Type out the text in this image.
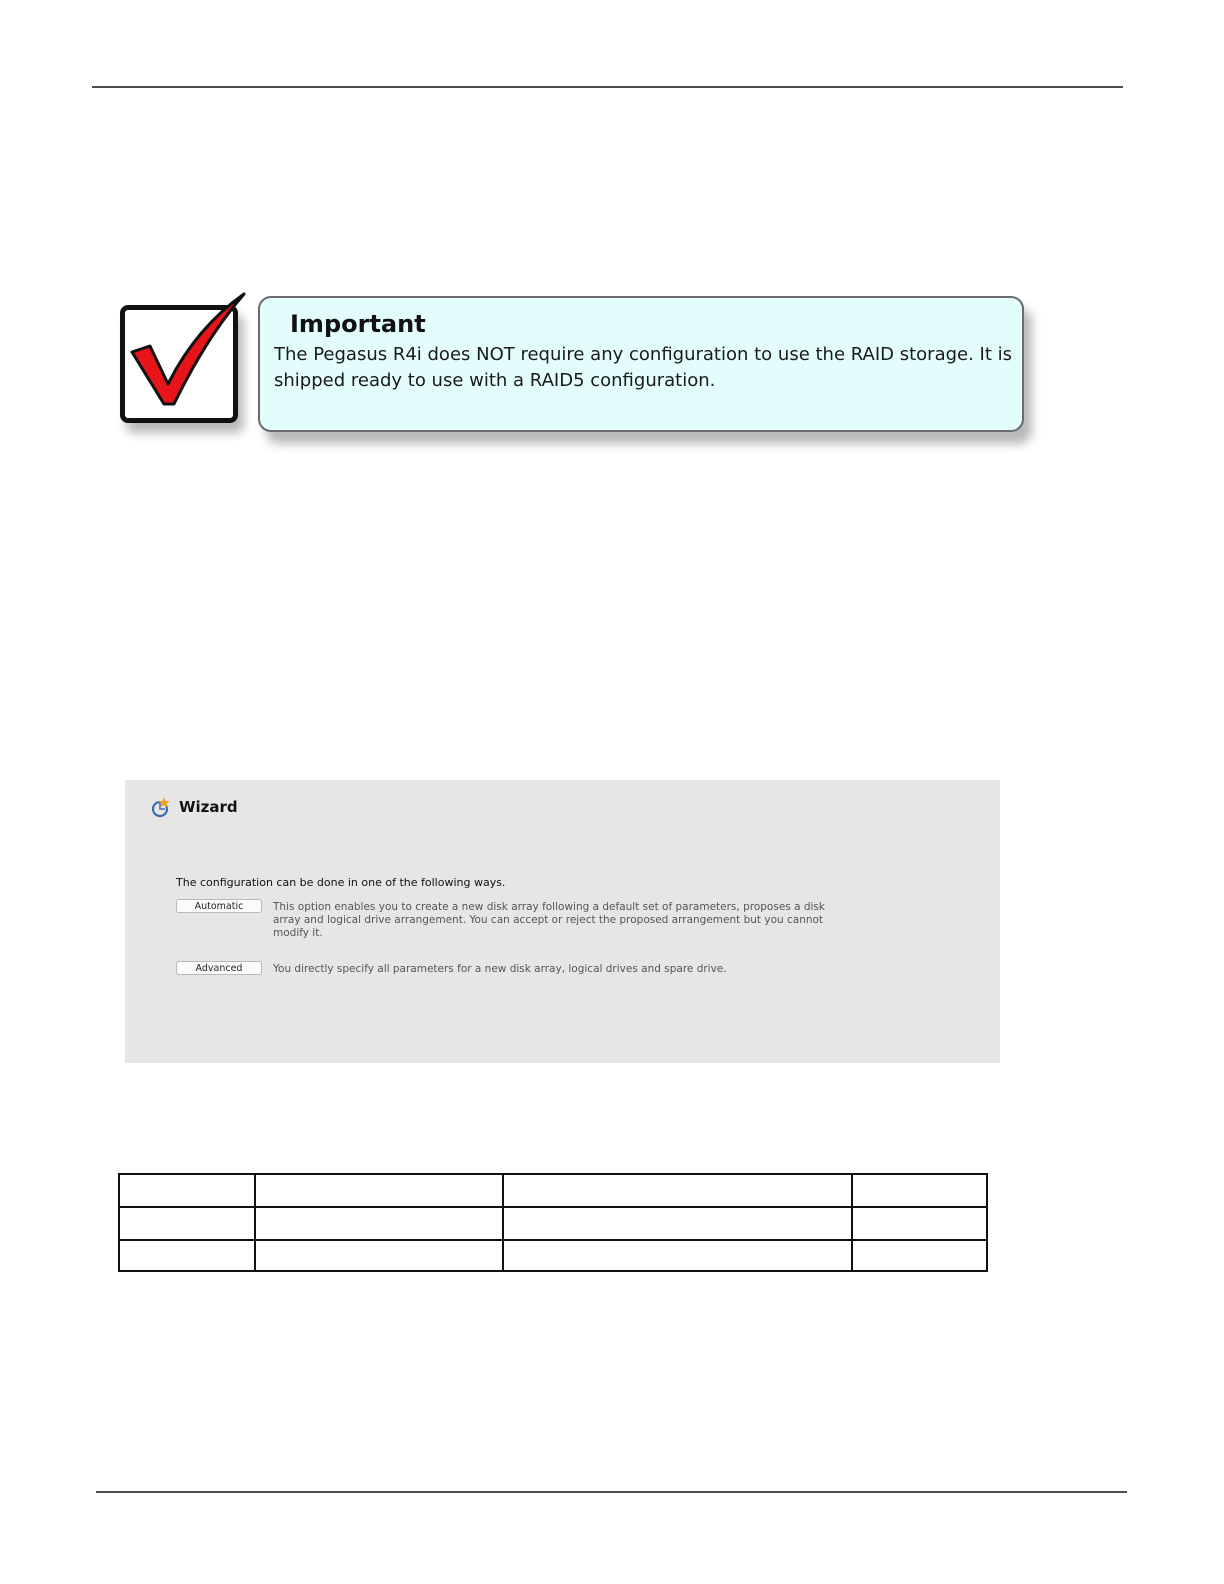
Important
The Pegasus R4i does NOT require any configuration to use the RAID storage. It is shipped ready to use with a RAID5 configuration.
Wizard
The configuration can be done in one of the following ways.
Automatic	This option enables you to create a new disk array following a default set of parameters, proposes a disk array and logical drive arrangement. You can accept or reject the proposed arrangement but you cannot modify it.
Advanced	You directly specify all parameters for a new disk array, logical drives and spare drive.
